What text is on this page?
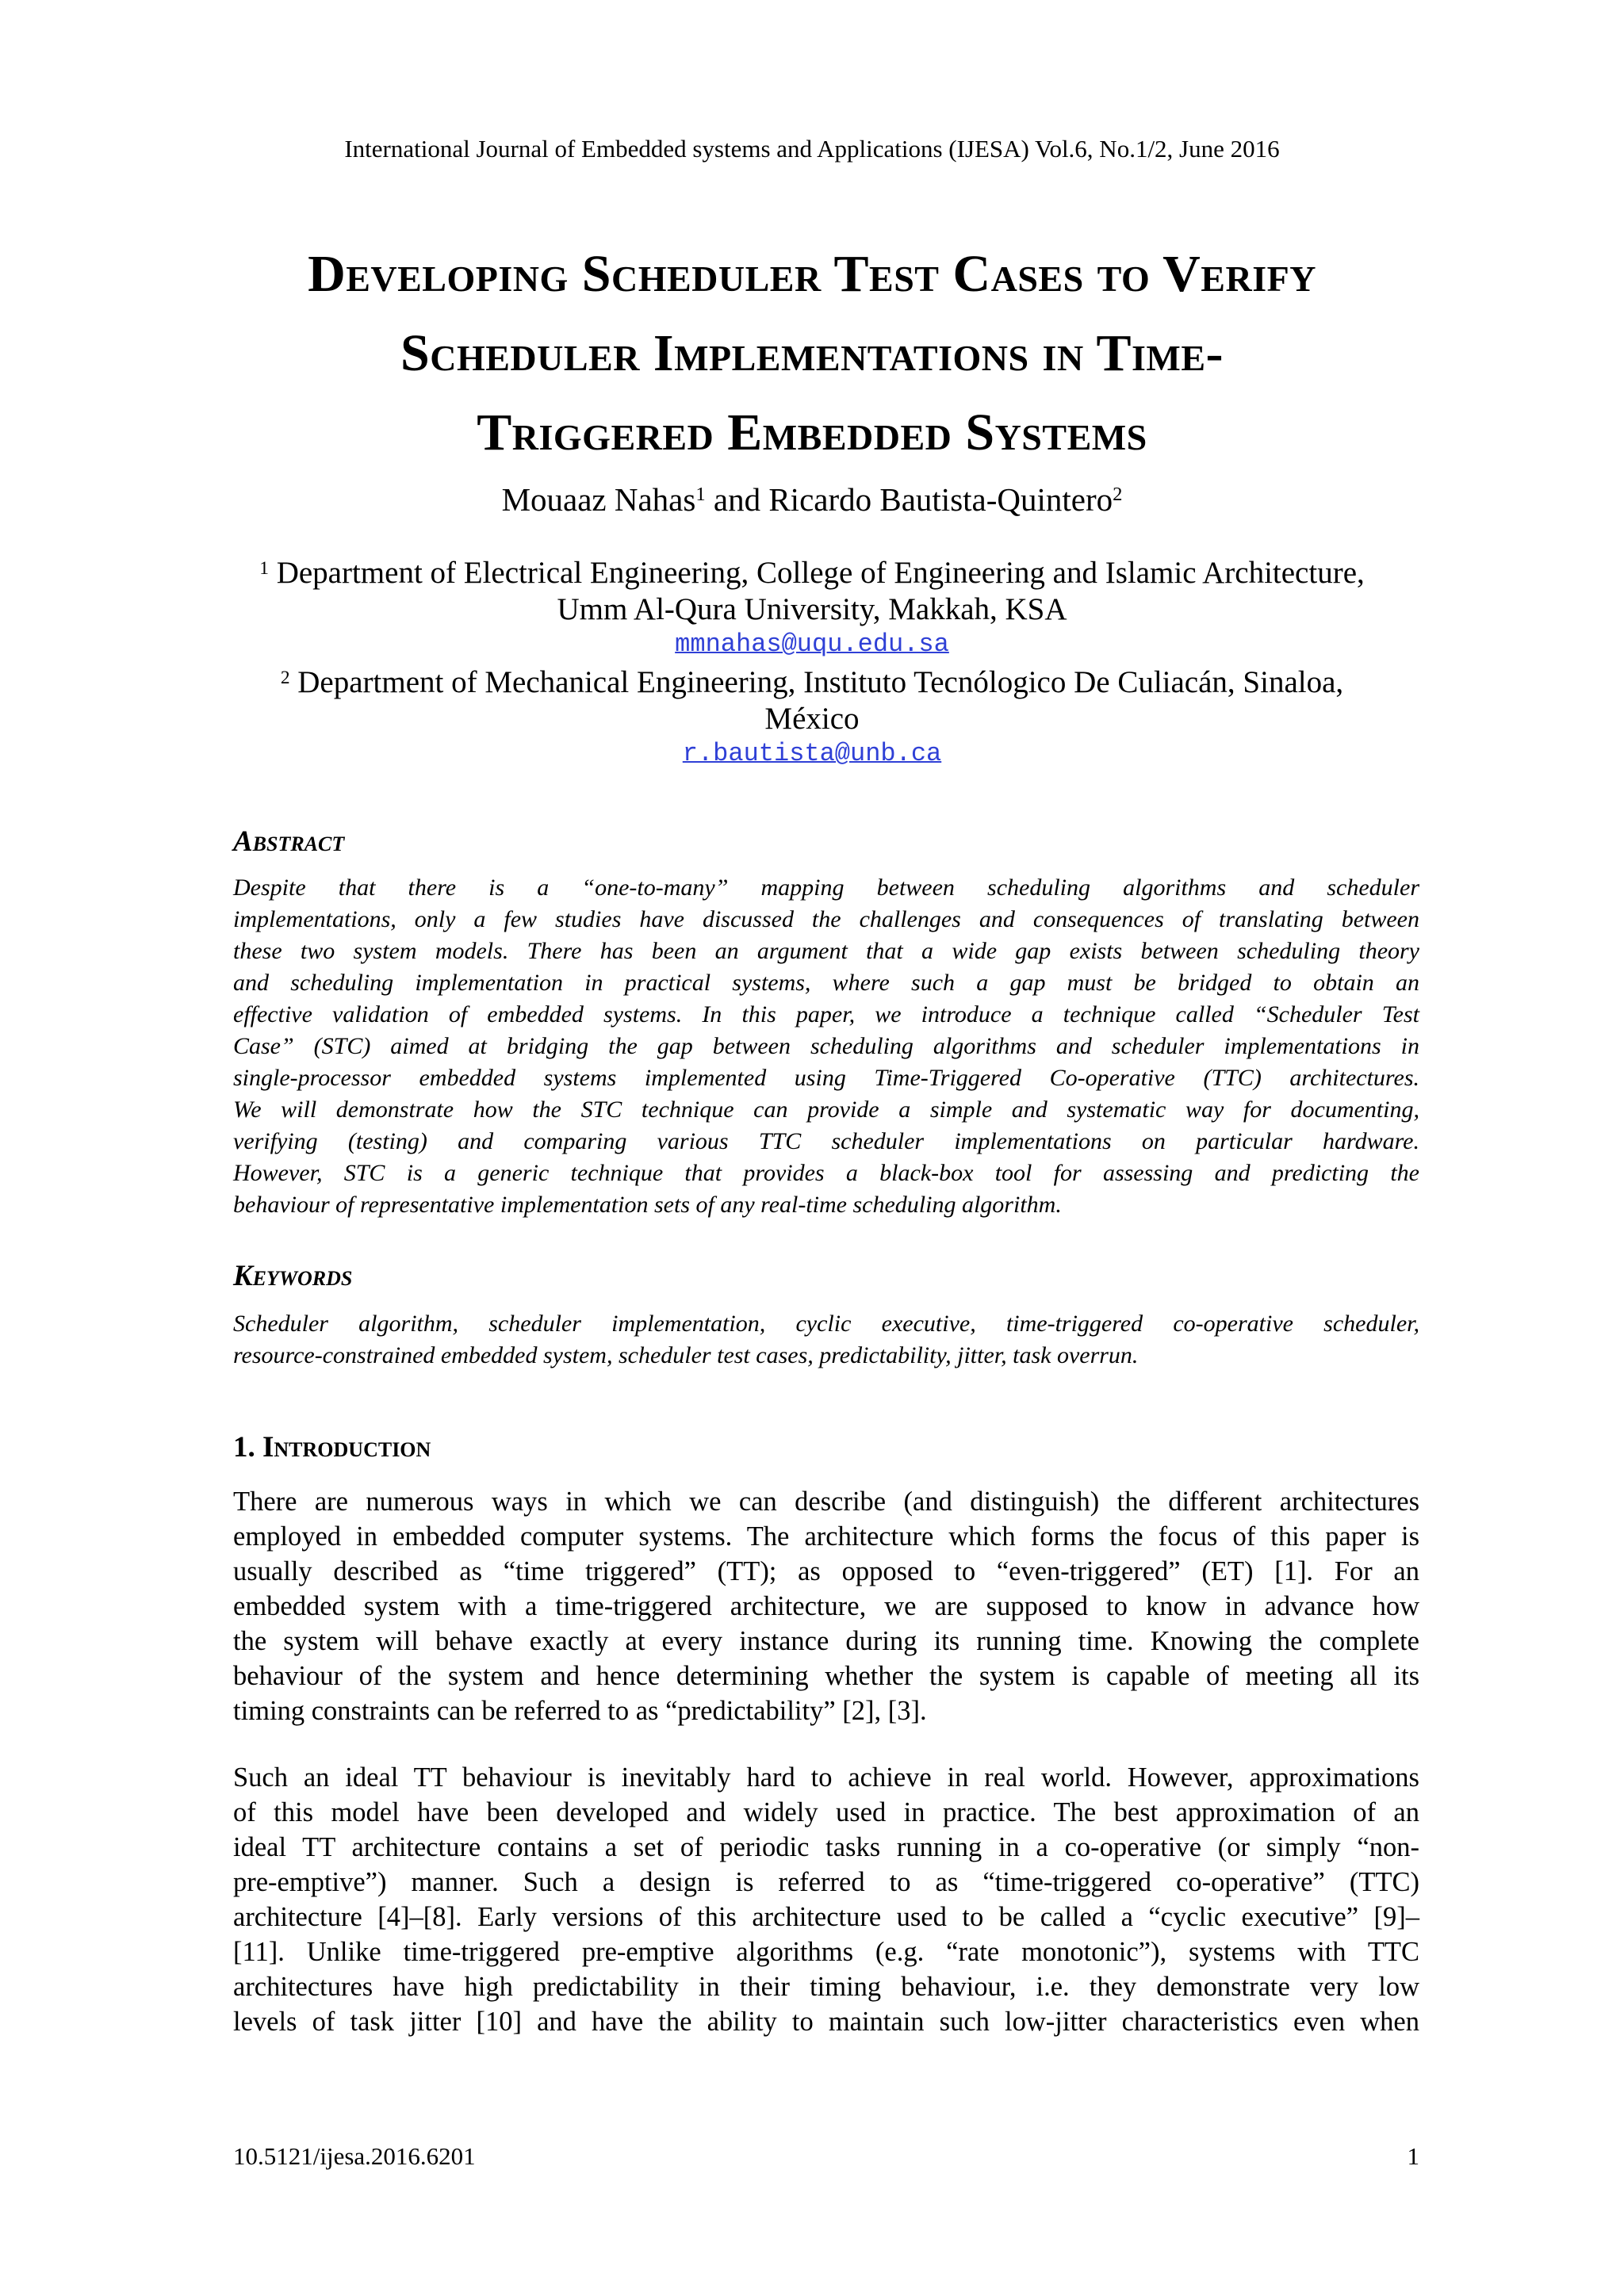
International Journal of Embedded systems and Applications (IJESA) Vol.6, No.1/2, June 2016
Developing Scheduler Test Cases to Verify
Scheduler Implementations in Time-
Triggered Embedded Systems
Mouaaz Nahas$^1$ and Ricardo Bautista-Quintero$^2$
$^1$ Department of Electrical Engineering, College of Engineering and Islamic Architecture,
Umm Al-Qura University, Makkah, KSA
mmnahas@uqu.edu.sa
$^2$ Department of Mechanical Engineering, Instituto Tecnólogico De Culiacán, Sinaloa,
México
r.bautista@unb.ca
Abstract
Despite that there is a “one-to-many” mapping between scheduling algorithms and scheduler
implementations, only a few studies have discussed the challenges and consequences of translating between
these two system models. There has been an argument that a wide gap exists between scheduling theory
and scheduling implementation in practical systems, where such a gap must be bridged to obtain an
effective validation of embedded systems. In this paper, we introduce a technique called “Scheduler Test
Case” (STC) aimed at bridging the gap between scheduling algorithms and scheduler implementations in
single-processor embedded systems implemented using Time-Triggered Co-operative (TTC) architectures.
We will demonstrate how the STC technique can provide a simple and systematic way for documenting,
verifying (testing) and comparing various TTC scheduler implementations on particular hardware.
However, STC is a generic technique that provides a black-box tool for assessing and predicting the
behaviour of representative implementation sets of any real-time scheduling algorithm.
Keywords
Scheduler algorithm, scheduler implementation, cyclic executive, time-triggered co-operative scheduler,
resource-constrained embedded system, scheduler test cases, predictability, jitter, task overrun.
1. Introduction
There are numerous ways in which we can describe (and distinguish) the different architectures
employed in embedded computer systems. The architecture which forms the focus of this paper is
usually described as “time triggered” (TT); as opposed to “even-triggered” (ET) [1]. For an
embedded system with a time-triggered architecture, we are supposed to know in advance how
the system will behave exactly at every instance during its running time. Knowing the complete
behaviour of the system and hence determining whether the system is capable of meeting all its
timing constraints can be referred to as “predictability” [2], [3].
Such an ideal TT behaviour is inevitably hard to achieve in real world. However, approximations
of this model have been developed and widely used in practice. The best approximation of an
ideal TT architecture contains a set of periodic tasks running in a co-operative (or simply “non-
pre-emptive”) manner. Such a design is referred to as “time-triggered co-operative” (TTC)
architecture [4]–[8]. Early versions of this architecture used to be called a “cyclic executive” [9]–
[11]. Unlike time-triggered pre-emptive algorithms (e.g. “rate monotonic”), systems with TTC
architectures have high predictability in their timing behaviour, i.e. they demonstrate very low
levels of task jitter [10] and have the ability to maintain such low-jitter characteristics even when
10.5121/ijesa.2016.6201	1
